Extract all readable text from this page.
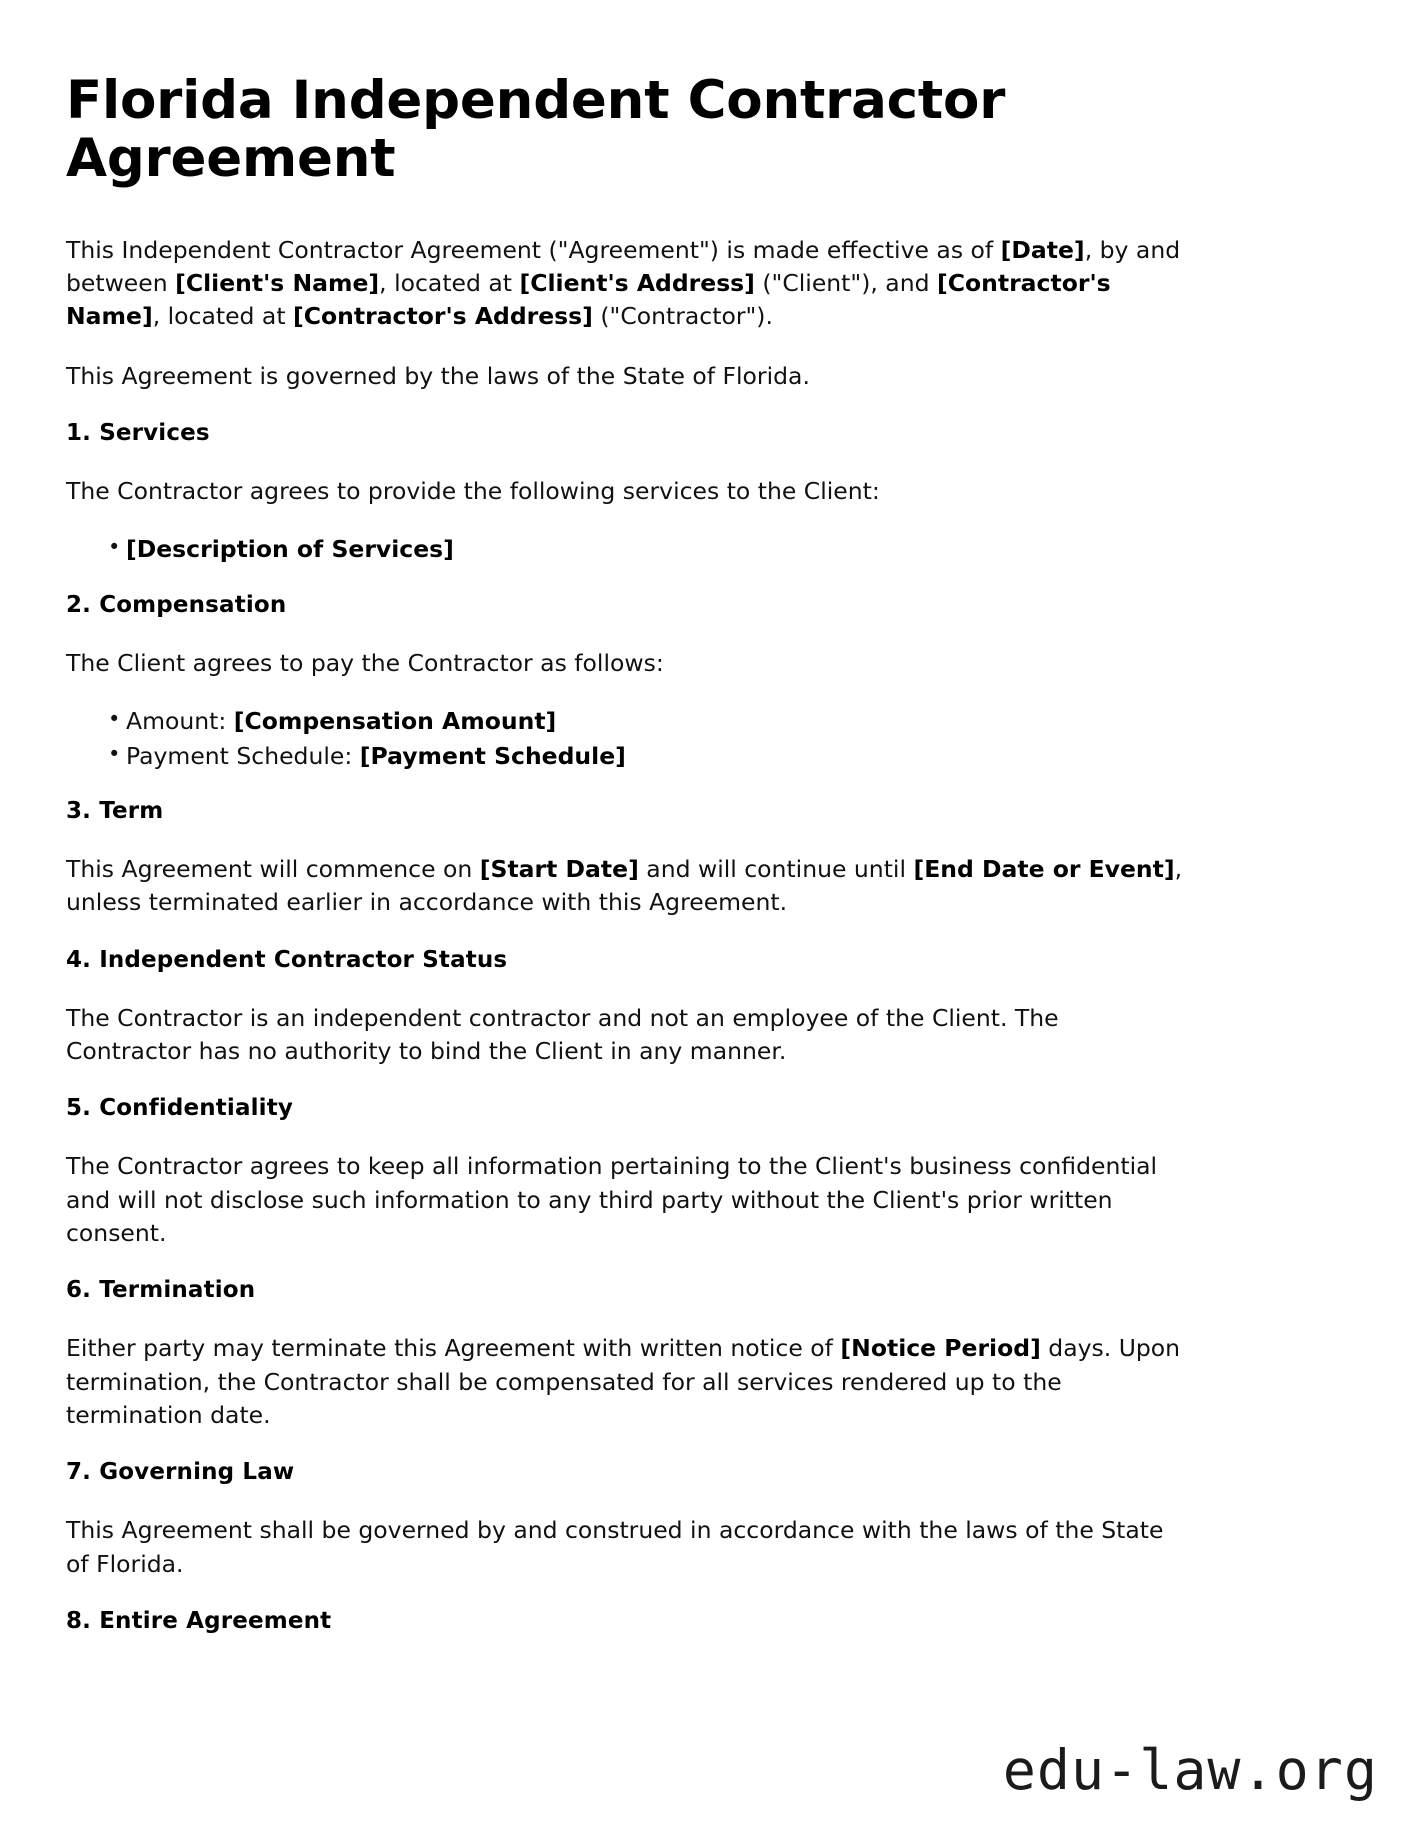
Florida Independent Contractor Agreement

This Independent Contractor Agreement ("Agreement") is made effective as of [Date], by and between [Client's Name], located at [Client's Address] ("Client"), and [Contractor's Name], located at [Contractor's Address] ("Contractor").

This Agreement is governed by the laws of the State of Florida.

1. Services

The Contractor agrees to provide the following services to the Client:

• [Description of Services]
2. Compensation

The Client agrees to pay the Contractor as follows:

• Amount: [Compensation Amount]
• Payment Schedule: [Payment Schedule]
3. Term

This Agreement will commence on [Start Date] and will continue until [End Date or Event], unless terminated earlier in accordance with this Agreement.

4. Independent Contractor Status

The Contractor is an independent contractor and not an employee of the Client. The Contractor has no authority to bind the Client in any manner.

5. Confidentiality

The Contractor agrees to keep all information pertaining to the Client's business confidential and will not disclose such information to any third party without the Client's prior written consent.

6. Termination

Either party may terminate this Agreement with written notice of [Notice Period] days. Upon termination, the Contractor shall be compensated for all services rendered up to the termination date.

7. Governing Law

This Agreement shall be governed by and construed in accordance with the laws of the State of Florida.

8. Entire Agreement
edu-law.org
